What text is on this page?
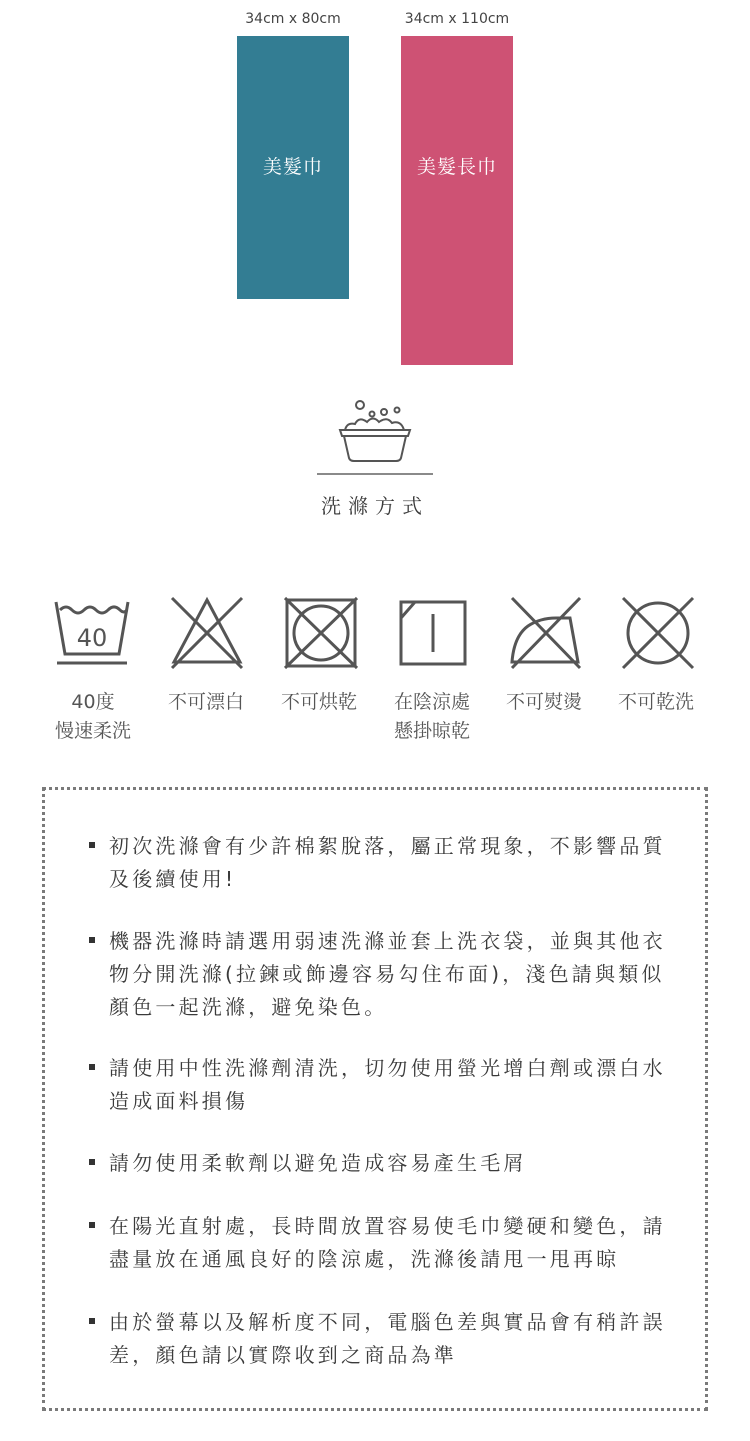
34cm x 80cm	34cm x 110cm
美髮巾	美髮長巾
洗滌方式
40
40度
慢速柔洗
不可漂白	不可烘乾	在陰涼處
懸掛晾乾
不可熨燙	不可乾洗
初次洗滌會有少許棉絮脫落，屬正常現象，不影響品質及後續使用!
機器洗滌時請選用弱速洗滌並套上洗衣袋，並與其他衣物分開洗滌(拉鍊或飾邊容易勾住布面)，淺色請與類似顏色一起洗滌，避免染色。
請使用中性洗滌劑清洗，切勿使用螢光增白劑或漂白水造成面料損傷
請勿使用柔軟劑以避免造成容易產生毛屑
在陽光直射處，長時間放置容易使毛巾變硬和變色，請盡量放在通風良好的陰涼處，洗滌後請甩一甩再晾
由於螢幕以及解析度不同，電腦色差與實品會有稍許誤差，顏色請以實際收到之商品為準
